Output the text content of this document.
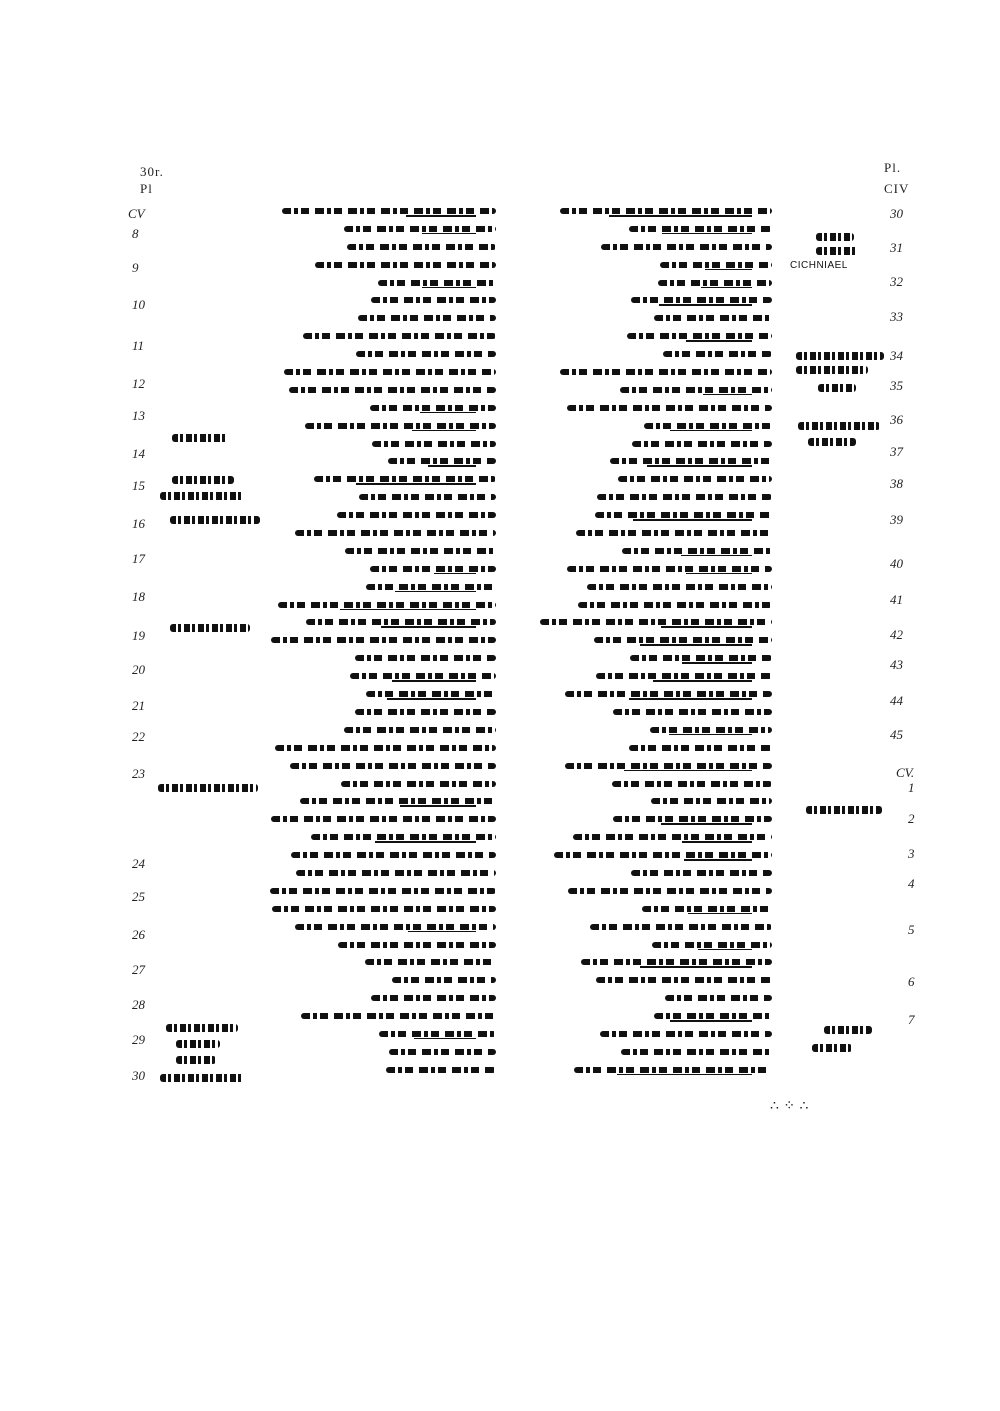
30r.
Pl
Pl.
CIV
CV
8
9
10
11
12
13
14
15
16
17
18
19
20
21
22
23
24
25
26
27
28
29
30
30
31
32
33
34
35
36
37
38
39
40
41
42
43
44
45
1
2
3
4
5
6
7
CV.
CICHNIAEL
∴ ⁘ ∴
